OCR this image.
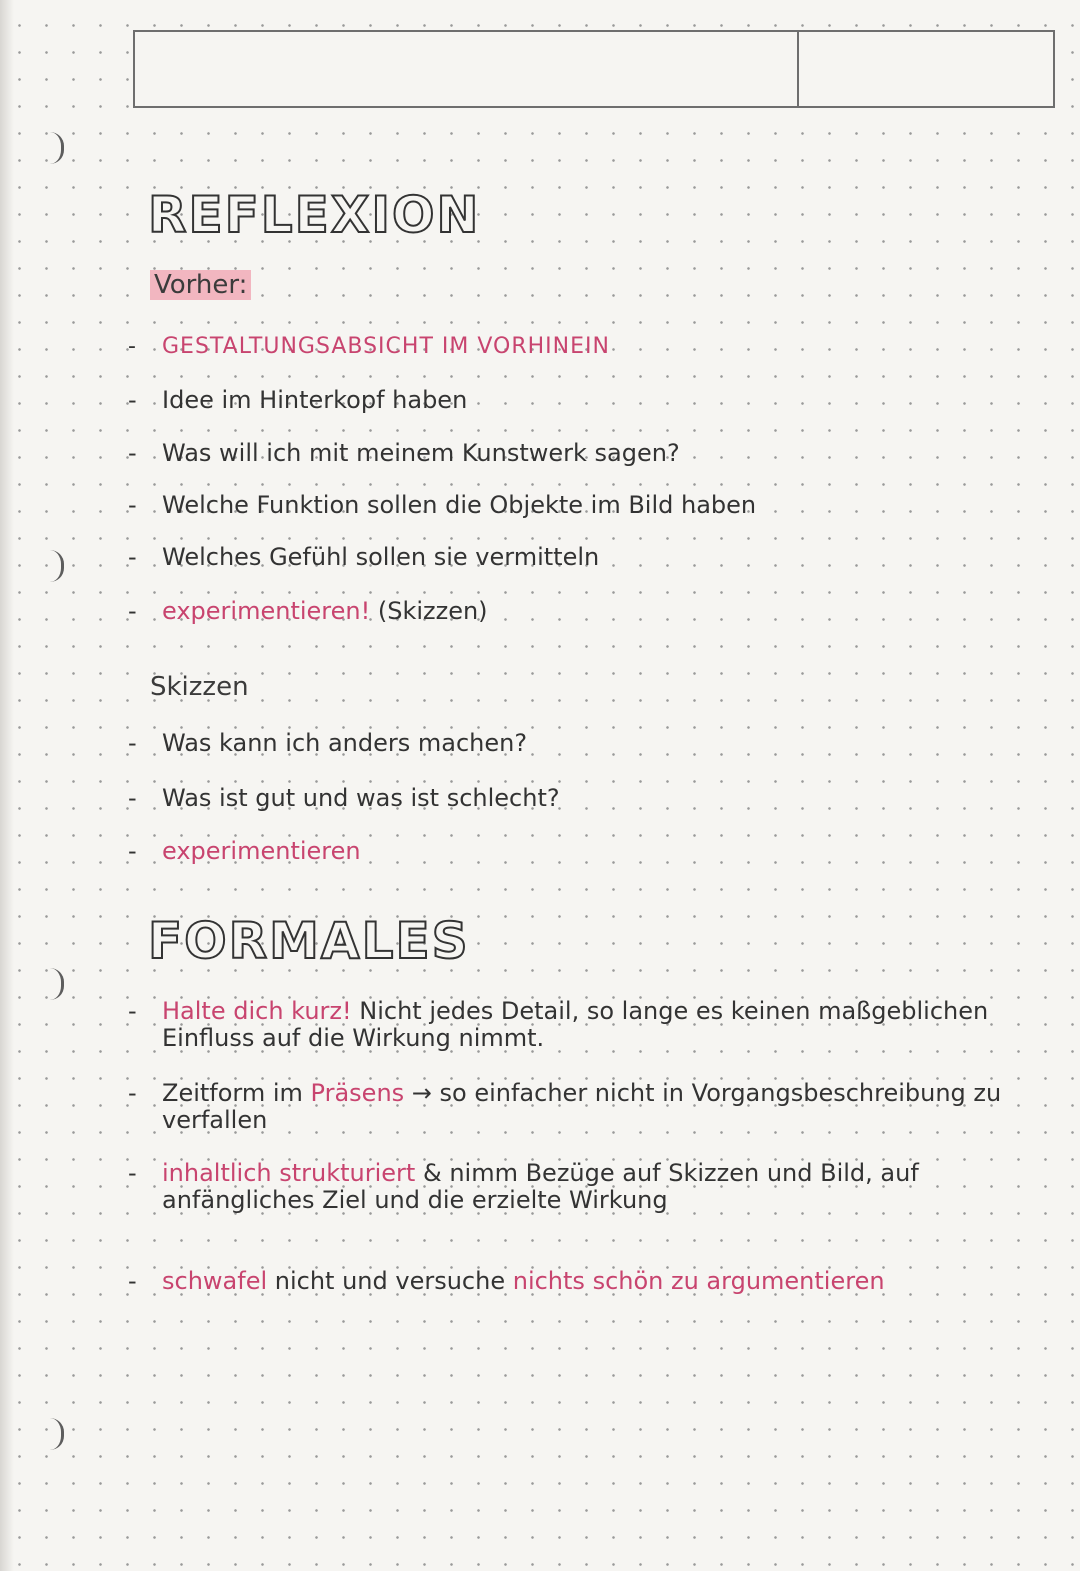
REFLEXION
Vorher:
- GESTALTUNGSABSICHT IM VORHINEIN
- Idee im Hinterkopf haben
- Was will ich mit meinem Kunstwerk sagen?
- Welche Funktion sollen die Objekte im Bild haben
- Welches Gefühl sollen sie vermitteln
- experimentieren! (Skizzen)
Skizzen
- Was kann ich anders machen?
- Was ist gut und was ist schlecht?
- experimentieren
FORMALES
- Halte dich kurz! Nicht jedes Detail, so lange es keinen maßgeblichen Einfluss auf die Wirkung nimmt.
- Zeitform im Präsens → so einfacher nicht in Vorgangsbeschreibung zu verfallen
- inhaltlich strukturiert & nimm Bezüge auf Skizzen und Bild, auf anfängliches Ziel und die erzielte Wirkung
- schwafel nicht und versuche nichts schön zu argumentieren
